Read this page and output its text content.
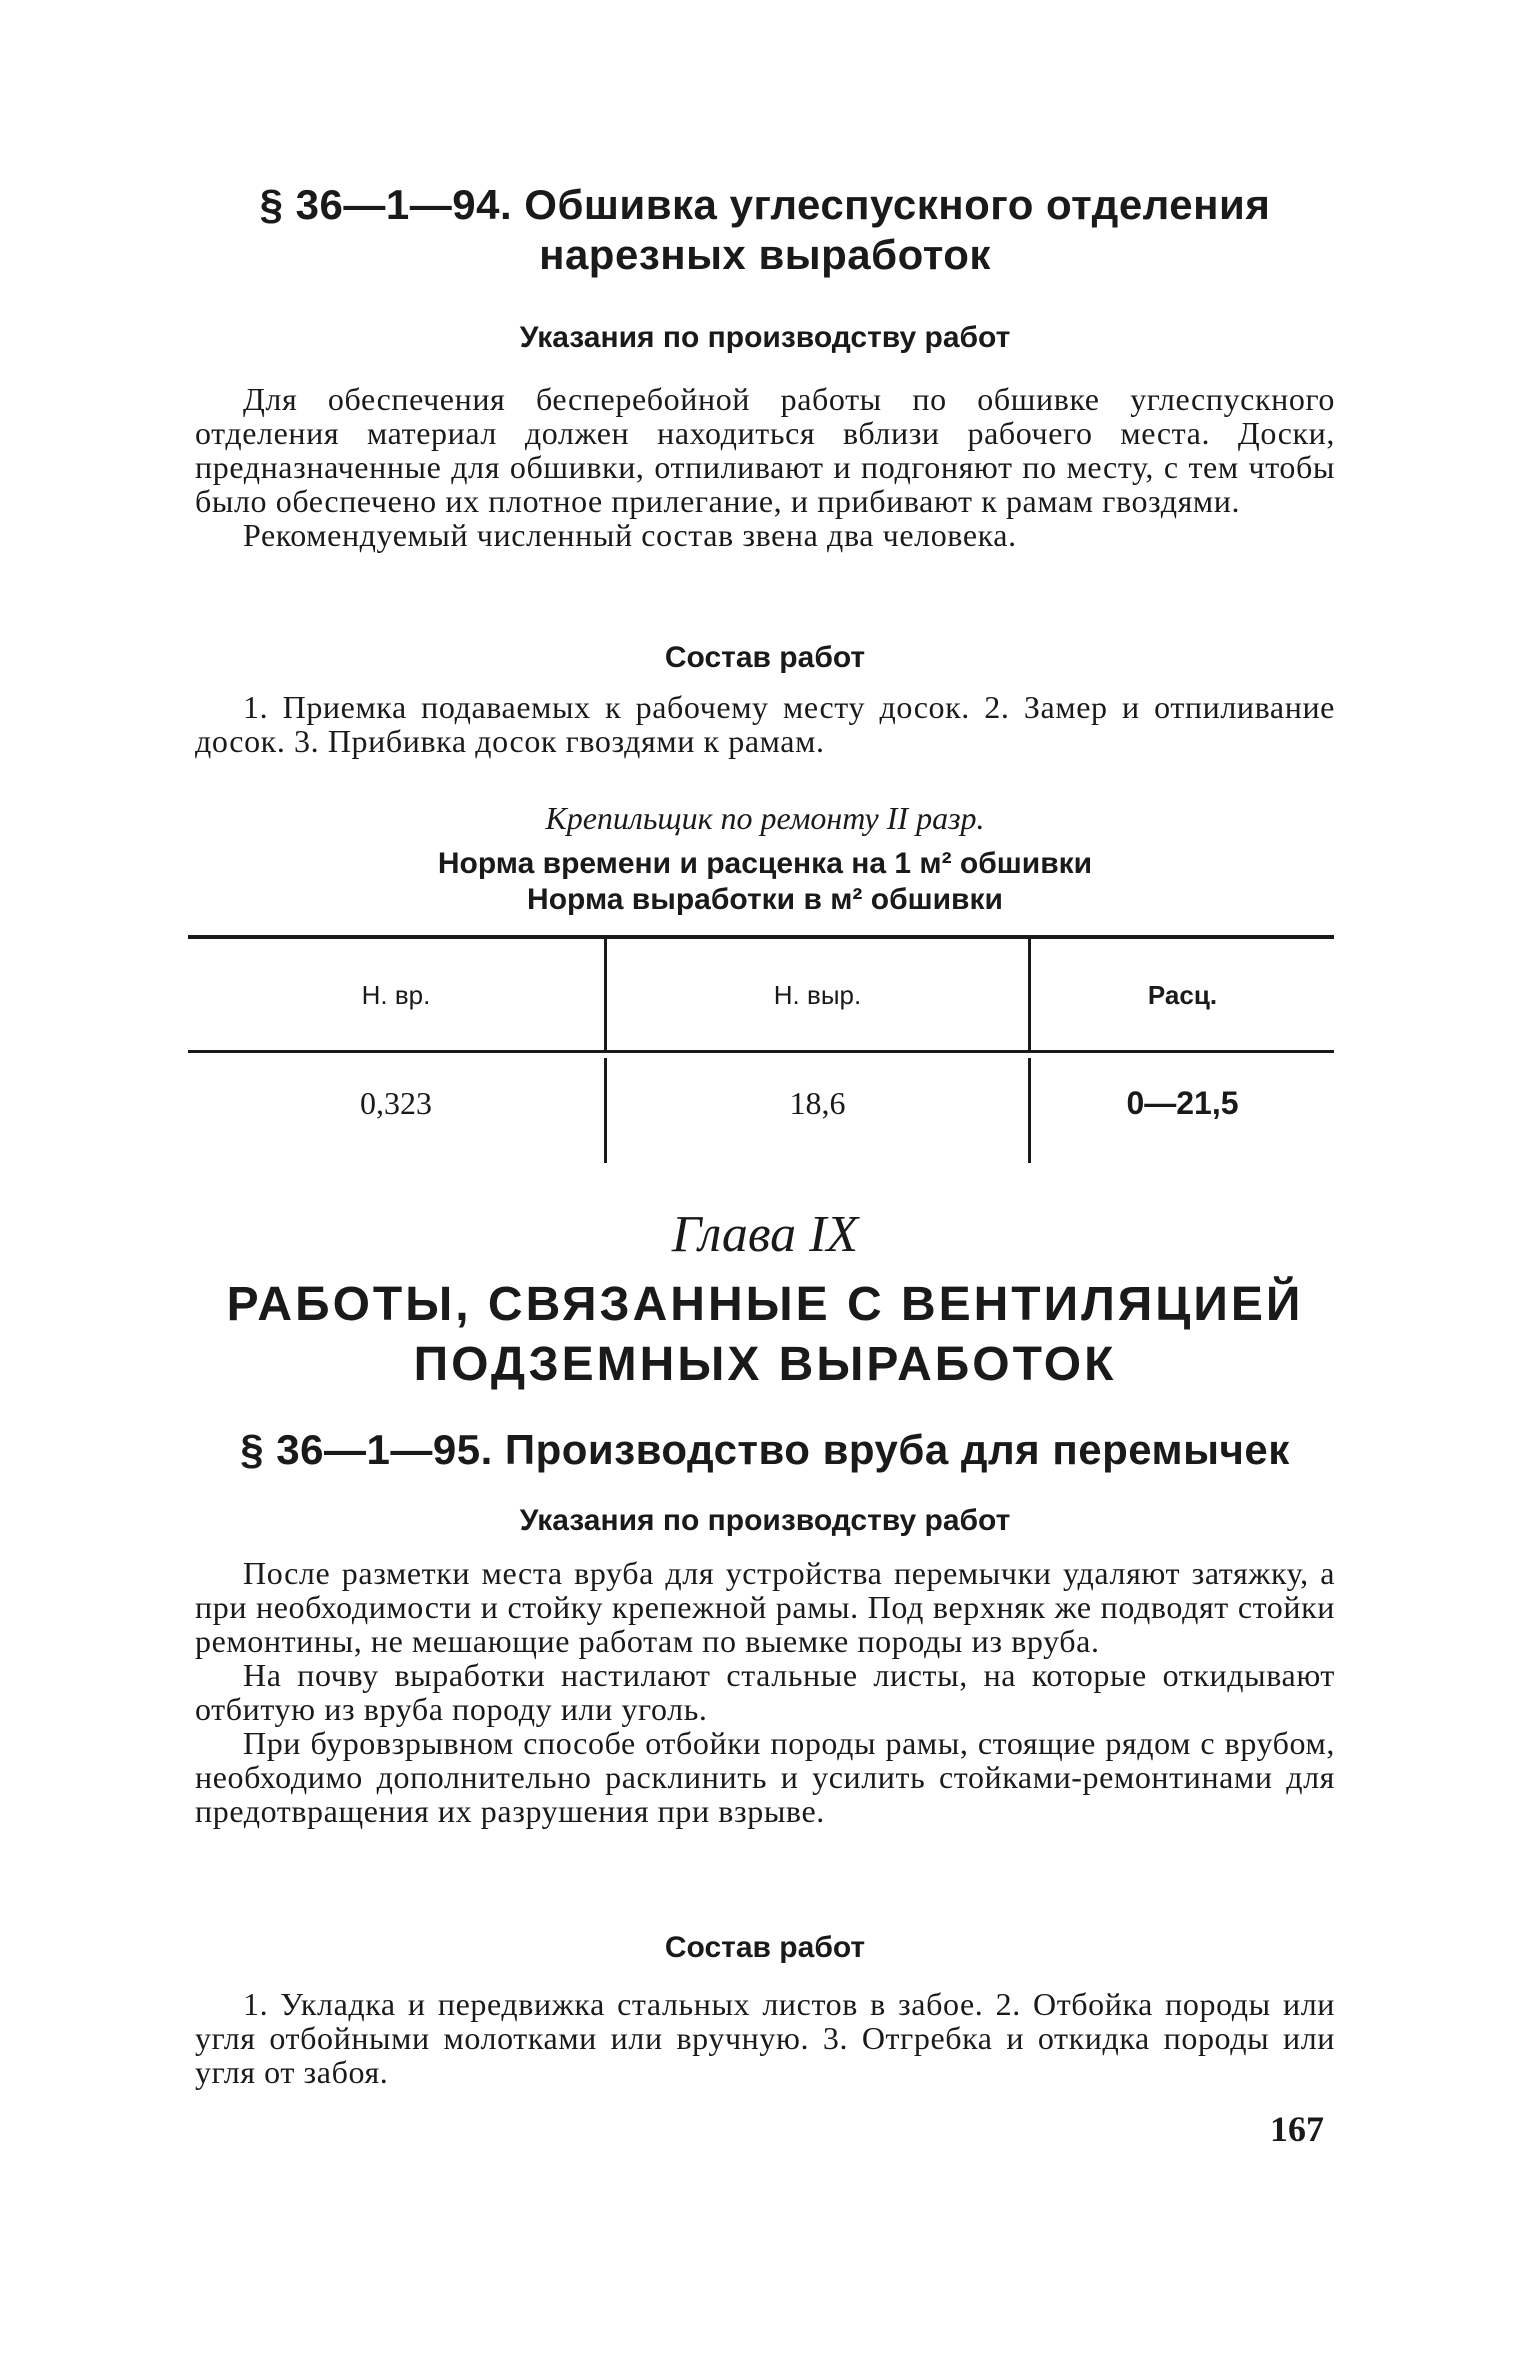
§ 36—1—94. Обшивка углеспускного отделения

нарезных выработок

Указания по производству работ

Для обеспечения бесперебойной работы по обшивке углеспускного отделения материал должен находиться вблизи рабочего места. Доски, предназначенные для обшивки, отпиливают и подгоняют по месту, с тем чтобы было обеспечено их плотное прилегание, и прибивают к рамам гвоздями.

Рекомендуемый численный состав звена два человека.

Состав работ

1. Приемка подаваемых к рабочему месту досок. 2. Замер и отпиливание досок. 3. Прибивка досок гвоздями к рамам.

Крепильщик по ремонту II разр.

Норма времени и расценка на 1 м² обшивки

Норма выработки в м² обшивки

Н. вр.	Н. выр.	Расц.
0,323	18,6	0—21,5

Глава IX

РАБОТЫ, СВЯЗАННЫЕ С ВЕНТИЛЯЦИЕЙ

ПОДЗЕМНЫХ ВЫРАБОТОК

§ 36—1—95. Производство вруба для перемычек

Указания по производству работ

После разметки места вруба для устройства перемычки удаляют затяжку, а при необходимости и стойку крепежной рамы. Под верхняк же подводят стойки ремонтины, не мешающие работам по выемке породы из вруба.

На почву выработки настилают стальные листы, на которые откидывают отбитую из вруба породу или уголь.

При буровзрывном способе отбойки породы рамы, стоящие рядом с врубом, необходимо дополнительно расклинить и усилить стойками-ремонтинами для предотвращения их разрушения при взрыве.

Состав работ

1. Укладка и передвижка стальных листов в забое. 2. Отбойка породы или угля отбойными молотками или вручную. 3. Отгребка и откидка породы или угля от забоя.

167
